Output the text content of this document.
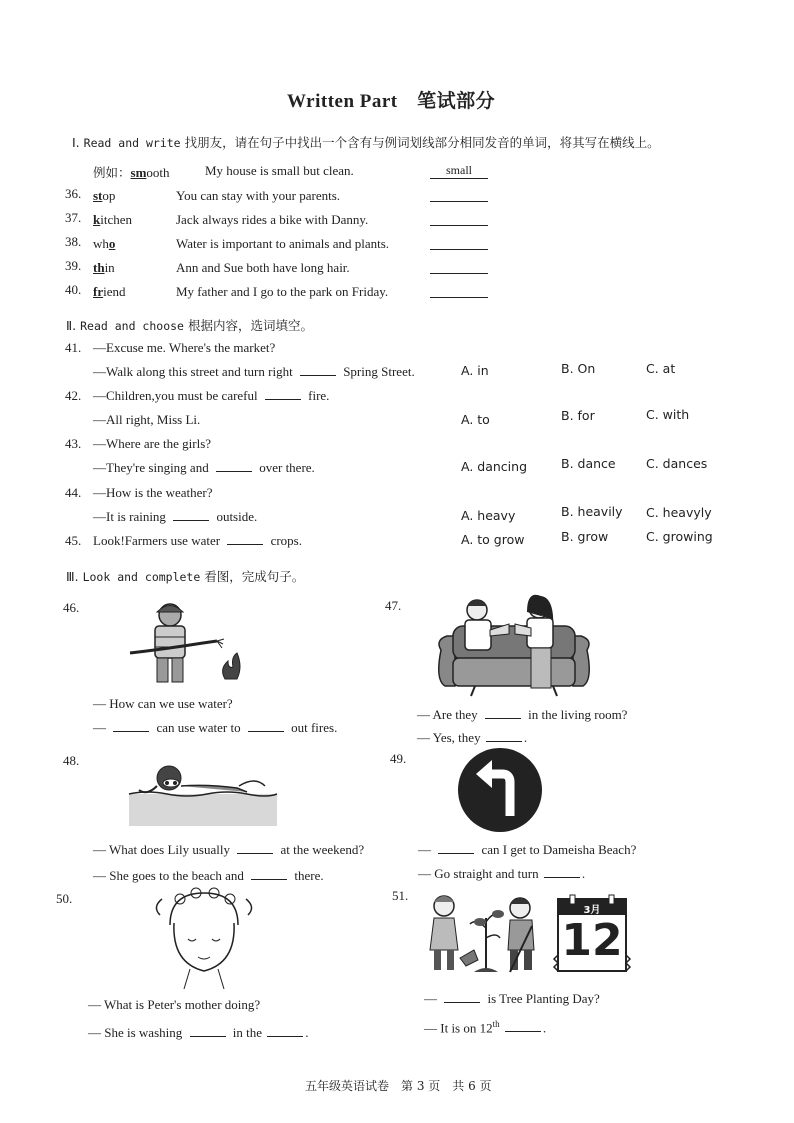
Written Part　笔试部分
Ⅰ. Read and write 找朋友，请在句子中找出一个含有与例词划线部分相同发音的单词，将其写在横线上。
例如：smooth	My house is small but clean.	small
36. stop	You can stay with your parents.
37. kitchen	Jack always rides a bike with Danny.
38. who	Water is important to animals and plants.
39. thin	Ann and Sue both have long hair.
40. friend	My father and I go to the park on Friday.
Ⅱ. Read and choose 根据内容，选词填空。
41. —Excuse me. Where's the market?
—Walk along this street and turn right	Spring Street.	A. in	B. On	C. at
42. —Children,you must be careful	fire.
—All right, Miss Li.	A. to	B. for	C. with
43. —Where are the girls?
—They're singing and	over there.	A. dancing	B. dance C. dances
44. —How is the weather?
—It is raining	outside.	A. heavy	B. heavily C. heavyly
45. Look!Farmers use water	crops.	A. to grow	B. grow	C. growing
Ⅲ. Look and complete 看图，完成句子。
46.
— How can we use water?
—	can use water to	out fires.
47.
— Are they	in the living room?
— Yes, they	.
48.
— What does Lily usually	at the weekend?
— She goes to the beach and	there.
49.
—	can I get to Dameisha Beach?
— Go straight and turn	.
50.
— What is Peter's mother doing?
— She is washing	in the	.
51.
3月
12
—	is Tree Planting Day?
— It is on 12th	.
五年级英语试卷　第 3 页　共 6 页
